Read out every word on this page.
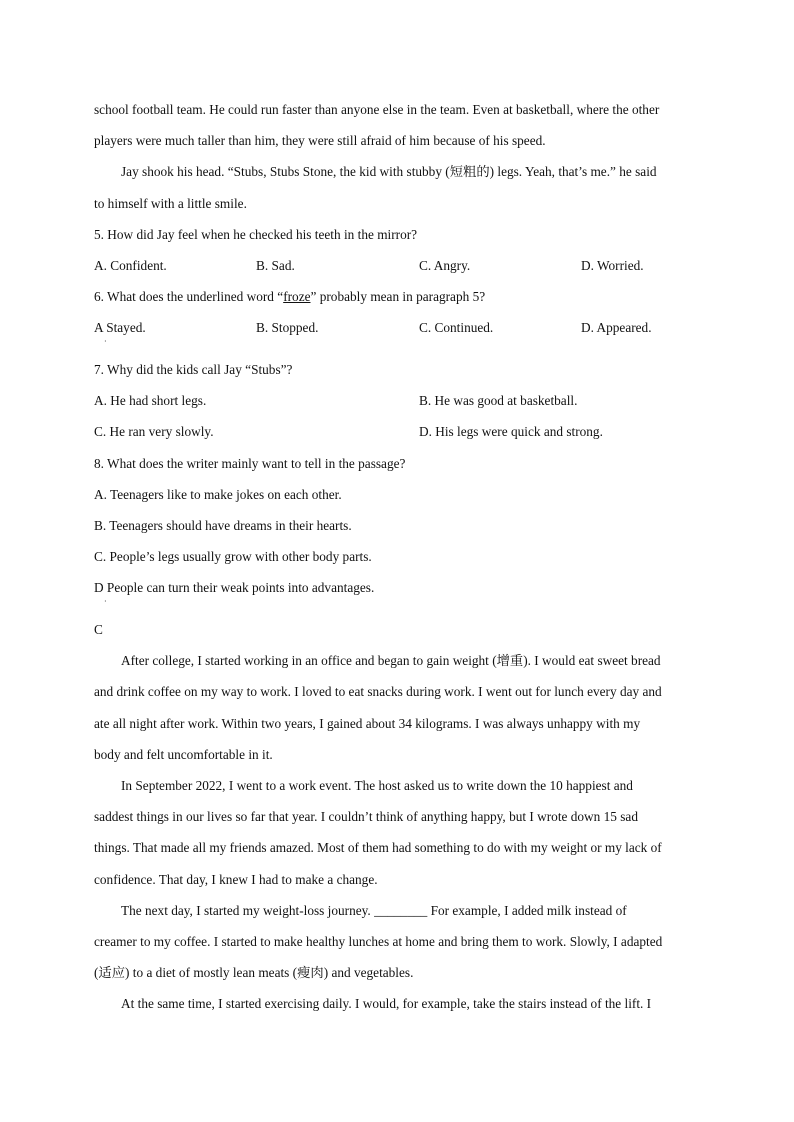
school football team. He could run faster than anyone else in the team. Even at basketball, where the other
players were much taller than him, they were still afraid of him because of his speed.
Jay shook his head. “Stubs, Stubs Stone, the kid with stubby (短粗的) legs. Yeah, that’s me.” he said
to himself with a little smile.
5. How did Jay feel when he checked his teeth in the mirror?
A. Confident.	B. Sad.	C. Angry.	D. Worried.
6. What does the underlined word “froze” probably mean in paragraph 5?
A Stayed.
·
B. Stopped.	C. Continued.	D. Appeared.
7. Why did the kids call Jay “Stubs”?
A. He had short legs.	B. He was good at basketball.
C. He ran very slowly.	D. His legs were quick and strong.
8. What does the writer mainly want to tell in the passage?
A. Teenagers like to make jokes on each other.
B. Teenagers should have dreams in their hearts.
C. People’s legs usually grow with other body parts.
D People can turn their weak points into advantages.
·
C
After college, I started working in an office and began to gain weight (增重). I would eat sweet bread
and drink coffee on my way to work. I loved to eat snacks during work. I went out for lunch every day and
ate all night after work. Within two years, I gained about 34 kilograms. I was always unhappy with my
body and felt uncomfortable in it.
In September 2022, I went to a work event. The host asked us to write down the 10 happiest and
saddest things in our lives so far that year. I couldn’t think of anything happy, but I wrote down 15 sad
things. That made all my friends amazed. Most of them had something to do with my weight or my lack of
confidence. That day, I knew I had to make a change.
The next day, I started my weight-loss journey. ________ For example, I added milk instead of
creamer to my coffee. I started to make healthy lunches at home and bring them to work. Slowly, I adapted
(适应) to a diet of mostly lean meats (瘦肉) and vegetables.
At the same time, I started exercising daily. I would, for example, take the stairs instead of the lift. I
